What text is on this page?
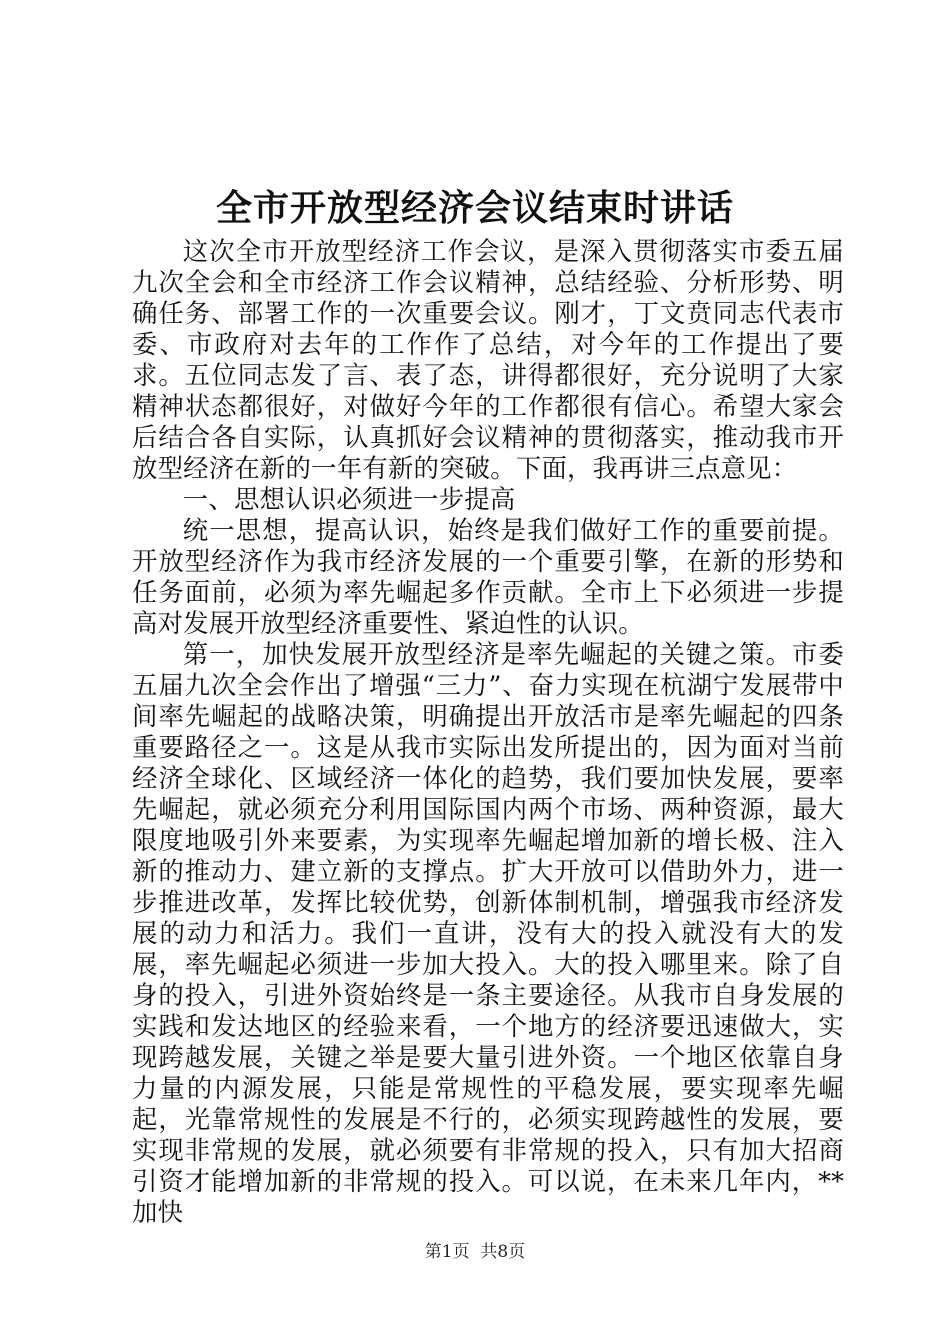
全市开放型经济会议结束时讲话

这次全市开放型经济工作会议，是深入贯彻落实市委五届九次全会和全市经济工作会议精神，总结经验、分析形势、明确任务、部署工作的一次重要会议。刚才，丁文贲同志代表市委、市政府对去年的工作作了总结，对今年的工作提出了要求。五位同志发了言、表了态，讲得都很好，充分说明了大家精神状态都很好，对做好今年的工作都很有信心。希望大家会后结合各自实际，认真抓好会议精神的贯彻落实，推动我市开放型经济在新的一年有新的突破。下面，我再讲三点意见：

一、思想认识必须进一步提高

统一思想，提高认识，始终是我们做好工作的重要前提。开放型经济作为我市经济发展的一个重要引擎，在新的形势和任务面前，必须为率先崛起多作贡献。全市上下必须进一步提高对发展开放型经济重要性、紧迫性的认识。

第一，加快发展开放型经济是率先崛起的关键之策。市委五届九次全会作出了增强“三力”、奋力实现在杭湖宁发展带中间率先崛起的战略决策，明确提出开放活市是率先崛起的四条重要路径之一。这是从我市实际出发所提出的，因为面对当前经济全球化、区域经济一体化的趋势，我们要加快发展，要率先崛起，就必须充分利用国际国内两个市场、两种资源，最大限度地吸引外来要素，为实现率先崛起增加新的增长极、注入新的推动力、建立新的支撑点。扩大开放可以借助外力，进一步推进改革，发挥比较优势，创新体制机制，增强我市经济发展的动力和活力。我们一直讲，没有大的投入就没有大的发展，率先崛起必须进一步加大投入。大的投入哪里来。除了自身的投入，引进外资始终是一条主要途径。从我市自身发展的实践和发达地区的经验来看，一个地方的经济要迅速做大，实现跨越发展，关键之举是要大量引进外资。一个地区依靠自身力量的内源发展，只能是常规性的平稳发展，要实现率先崛起，光靠常规性的发展是不行的，必须实现跨越性的发展，要实现非常规的发展，就必须要有非常规的投入，只有加大招商引资才能增加新的非常规的投入。可以说，在未来几年内，**加快

第1页  共8页
